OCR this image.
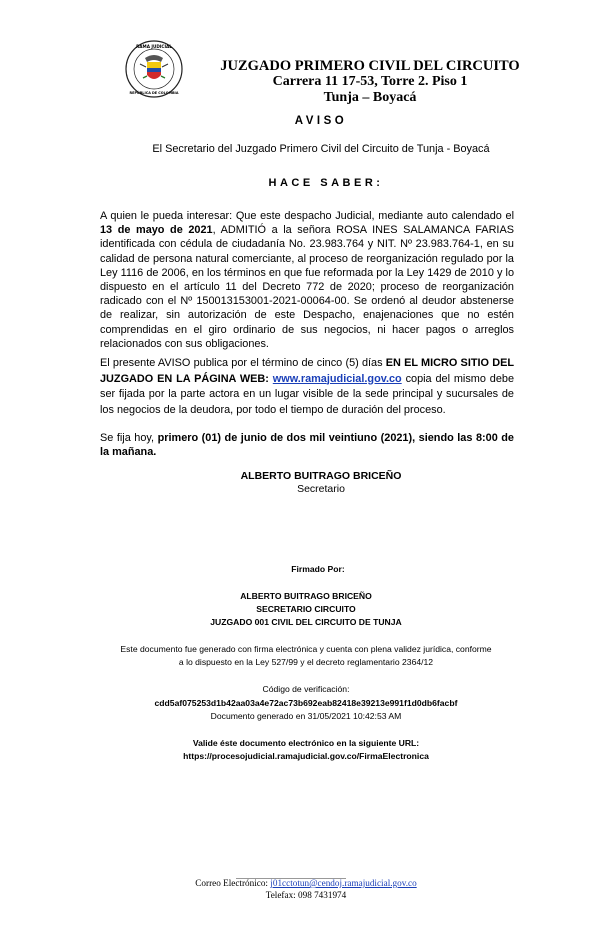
RAMA JUDICIAL
REPÚBLICA DE COLOMBIA
JUZGADO PRIMERO CIVIL DEL CIRCUITO
Carrera 11 17-53, Torre 2. Piso 1
Tunja – Boyacá
AVISO
El Secretario del Juzgado Primero Civil del Circuito de Tunja - Boyacá
HACE SABER:
A quien le pueda interesar: Que este despacho Judicial, mediante auto calendado el 13 de mayo de 2021, ADMITIÓ a la señora ROSA INES SALAMANCA FARIAS identificada con cédula de ciudadanía No. 23.983.764 y NIT. Nº 23.983.764-1, en su calidad de persona natural comerciante, al proceso de reorganización regulado por la Ley 1116 de 2006, en los términos en que fue reformada por la Ley 1429 de 2010 y lo dispuesto en el artículo 11 del Decreto 772 de 2020; proceso de reorganización radicado con el Nº 150013153001-2021-00064-00. Se ordenó al deudor abstenerse de realizar, sin autorización de este Despacho, enajenaciones que no estén comprendidas en el giro ordinario de sus negocios, ni hacer pagos o arreglos relacionados con sus obligaciones.
El presente AVISO publica por el término de cinco (5) días EN EL MICRO SITIO DEL JUZGADO EN LA PÁGINA WEB: www.ramajudicial.gov.co copia del mismo debe ser fijada por la parte actora en un lugar visible de la sede principal y sucursales de los negocios de la deudora, por todo el tiempo de duración del proceso.
Se fija hoy, primero (01) de junio de dos mil veintiuno (2021), siendo las 8:00 de la mañana.
ALBERTO BUITRAGO BRICEÑO
Secretario
Firmado Por:
ALBERTO BUITRAGO BRICEÑO
SECRETARIO CIRCUITO
JUZGADO 001 CIVIL DEL CIRCUITO DE TUNJA
Este documento fue generado con firma electrónica y cuenta con plena validez jurídica, conforme
a lo dispuesto en la Ley 527/99 y el decreto reglamentario 2364/12
Código de verificación:
cdd5af075253d1b42aa03a4e72ac73b692eab82418e39213e991f1d0db6facbf
Documento generado en 31/05/2021 10:42:53 AM
Valide éste documento electrónico en la siguiente URL:
https://procesojudicial.ramajudicial.gov.co/FirmaElectronica
Correo Electrónico: j01cctotun@cendoj.ramajudicial.gov.co
Telefax: 098 7431974
